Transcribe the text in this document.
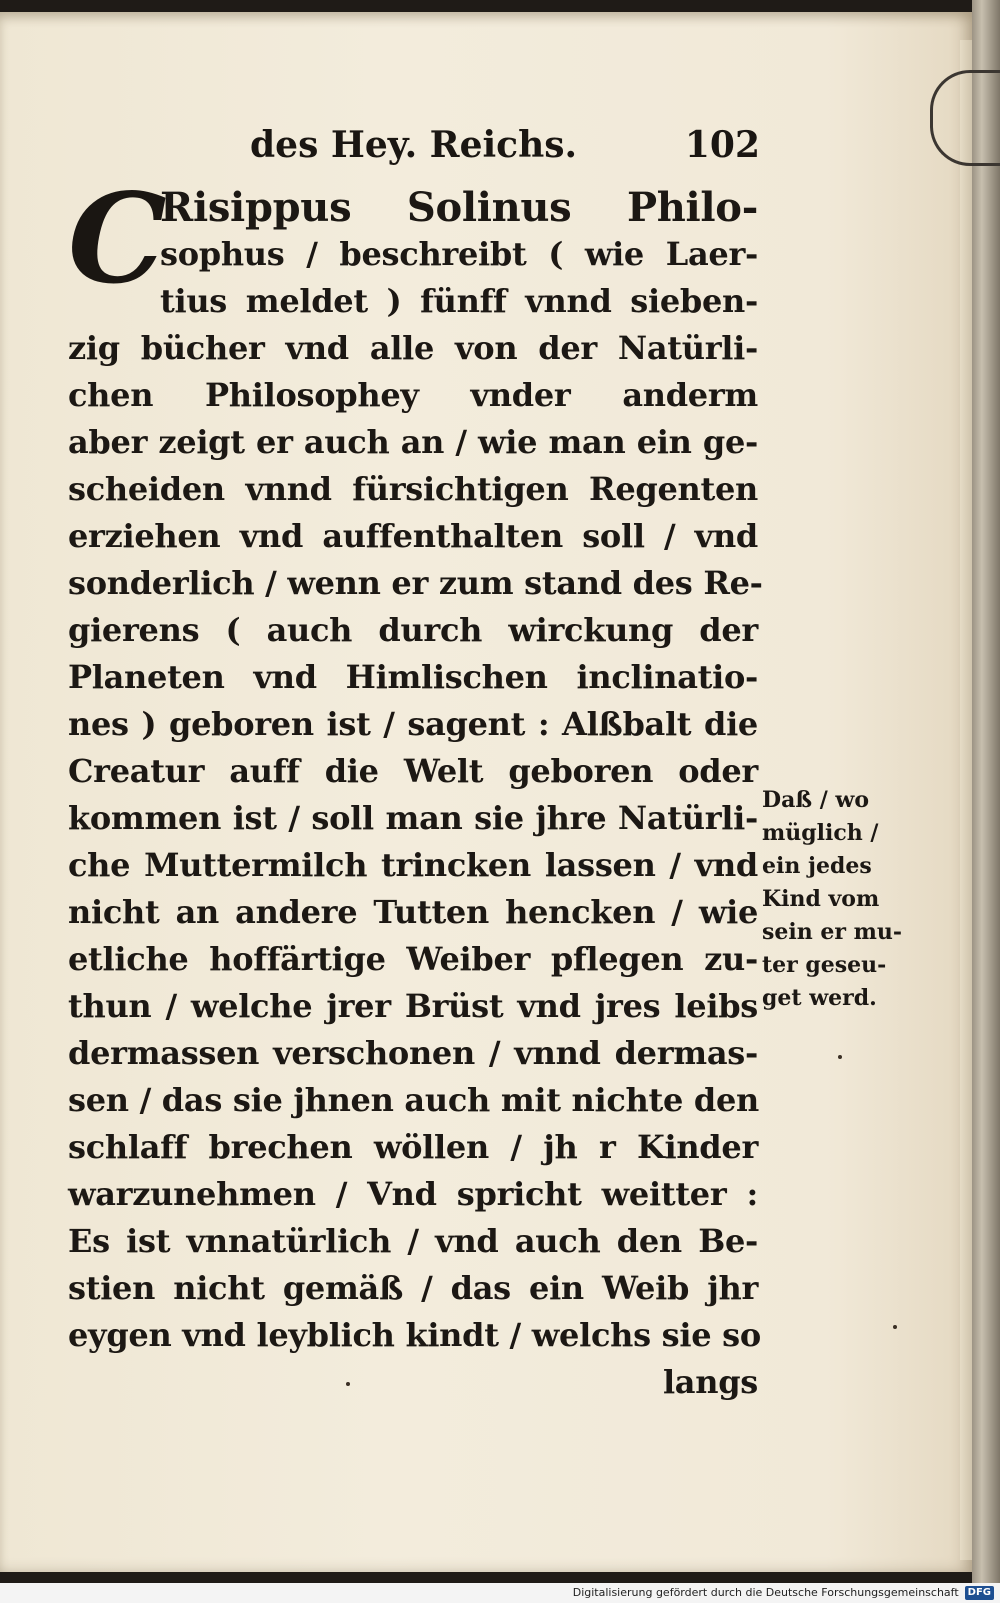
des Hey. Reichs.	102
C
Risippus Solinus Philo-
sophus / beschreibt ( wie Laer-
tius meldet ) fünff vnnd sieben-
zig bücher vnd alle von der Natürli-
chen Philosophey vnder anderm
aber zeigt er auch an / wie man ein ge-
scheiden vnnd fürsichtigen Regenten
erziehen vnd auffenthalten soll / vnd
sonderlich / wenn er zum stand des Re-
gierens ( auch durch wirckung der
Planeten vnd Himlischen inclinatio-
nes ) geboren ist / sagent : Alßbalt die
Creatur auff die Welt geboren oder
kommen ist / soll man sie jhre Natürli-
che Muttermilch trincken lassen / vnd
nicht an andere Tutten hencken / wie
etliche hoffärtige Weiber pflegen zu-
thun / welche jrer Brüst vnd jres leibs
dermassen verschonen / vnnd dermas-
sen / das sie jhnen auch mit nichte den
schlaff brechen wöllen / jh r Kinder
warzunehmen / Vnd spricht weitter :
Es ist vnnatürlich / vnd auch den Be-
stien nicht gemäß / das ein Weib jhr
eygen vnd leyblich kindt / welchs sie so
langs
Daß / wo
müglich /
ein jedes
Kind vom
sein er mu-
ter geseu-
get werd.
Digitalisierung gefördert durch die Deutsche Forschungsgemeinschaft DFG
